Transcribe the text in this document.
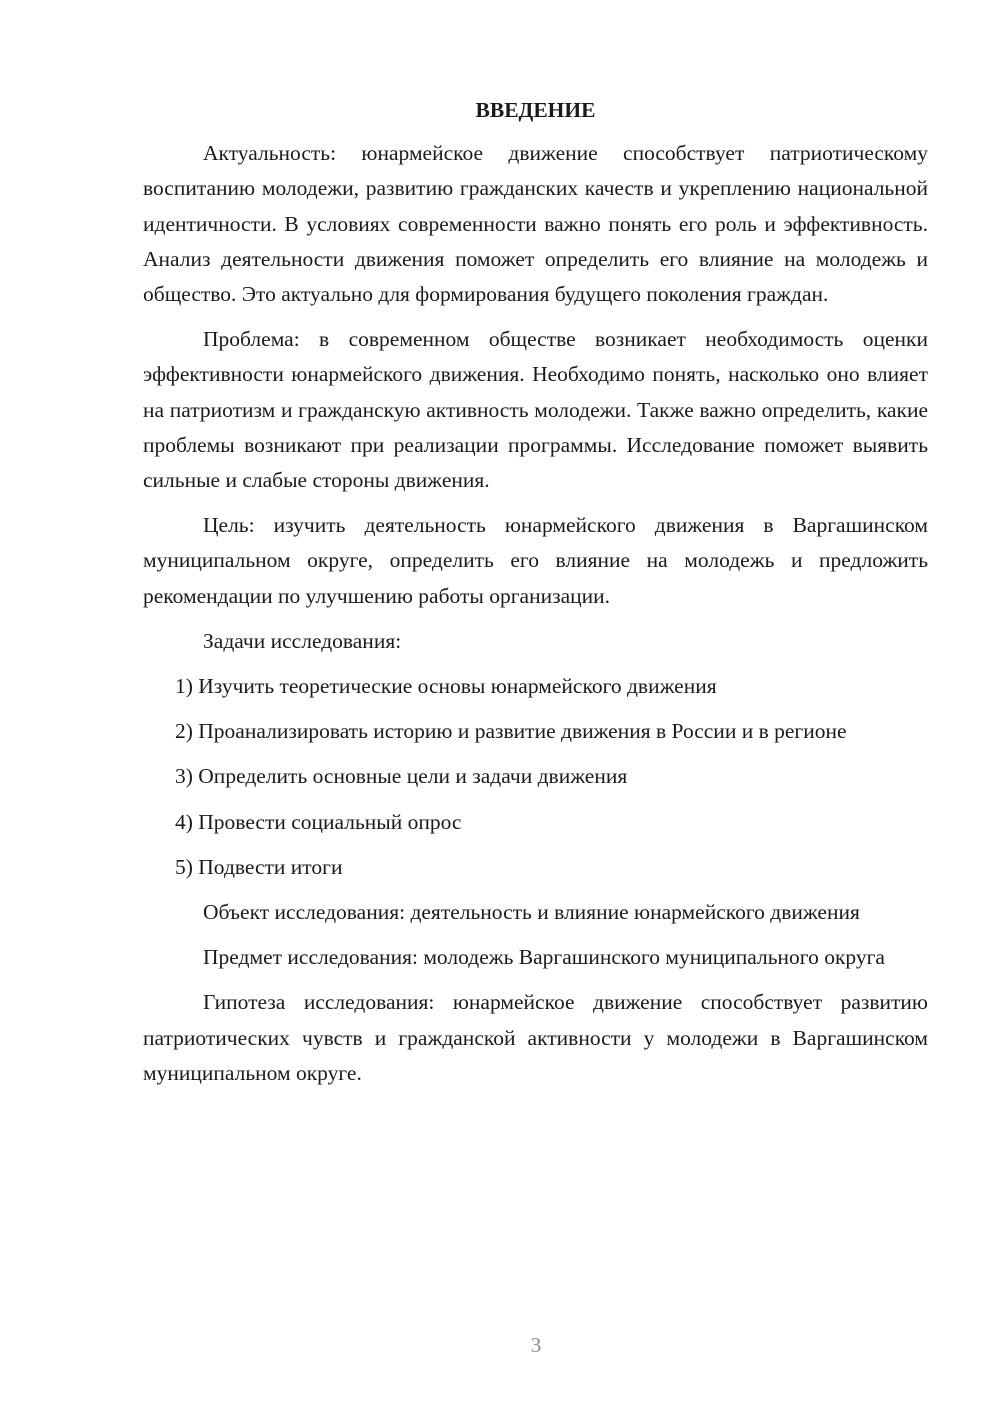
ВВЕДЕНИЕ

Актуальность: юнармейское движение способствует патриотическому воспитанию молодежи, развитию гражданских качеств и укреплению национальной идентичности. В условиях современности важно понять его роль и эффективность. Анализ деятельности движения поможет определить его влияние на молодежь и общество. Это актуально для формирования будущего поколения граждан.

Проблема: в современном обществе возникает необходимость оценки эффективности юнармейского движения. Необходимо понять, насколько оно влияет на патриотизм и гражданскую активность молодежи. Также важно определить, какие проблемы возникают при реализации программы. Исследование поможет выявить сильные и слабые стороны движения.

Цель: изучить деятельность юнармейского движения в Варгашинском муниципальном округе, определить его влияние на молодежь и предложить рекомендации по улучшению работы организации.

Задачи исследования:

1) Изучить теоретические основы юнармейского движения

2) Проанализировать историю и развитие движения в России и в регионе

3) Определить основные цели и задачи движения

4) Провести социальный опрос

5) Подвести итоги

Объект исследования: деятельность и влияние юнармейского движения

Предмет исследования: молодежь Варгашинского муниципального округа

Гипотеза исследования: юнармейское движение способствует развитию патриотических чувств и гражданской активности у молодежи в Варгашинском муниципальном округе.

3
